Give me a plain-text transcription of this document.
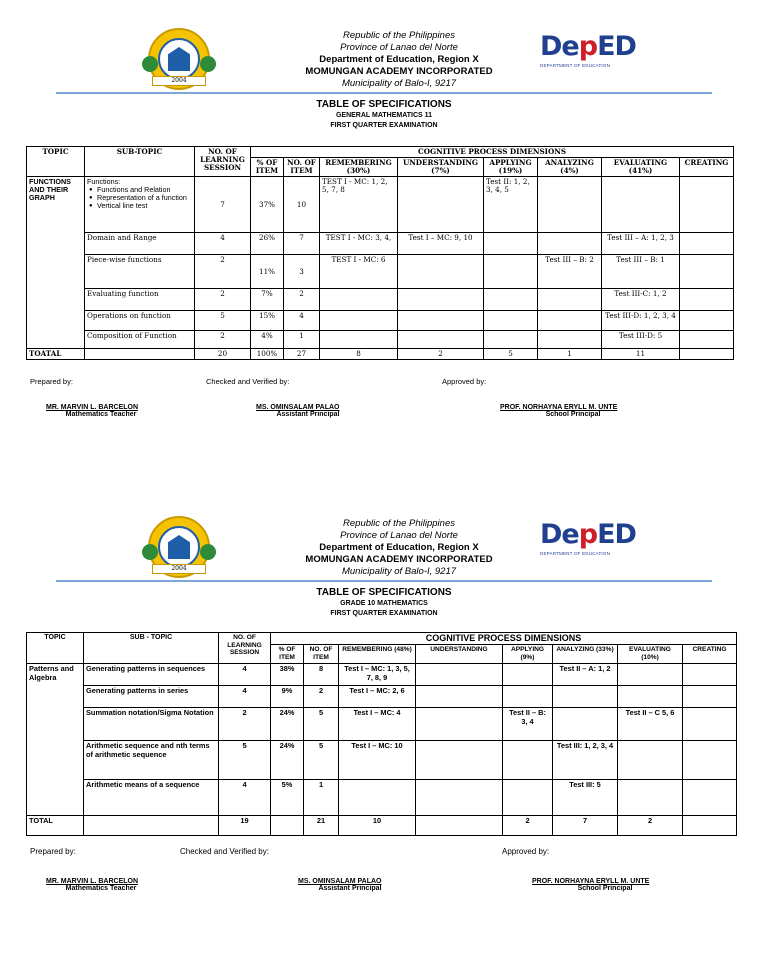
2004
Republic of the Philippines
Province of Lanao del Norte
Department of Education, Region X
MOMUNGAN ACADEMY INCORPORATED
Municipality of Balo-I, 9217
DepED
DEPARTMENT OF EDUCATION
TABLE OF SPECIFICATIONS
GENERAL MATHEMATICS 11
FIRST QUARTER EXAMINATION
TOPIC	SUB-TOPIC	NO. OF LEARNING SESSION	COGNITIVE PROCESS DIMENSIONS							
			% OF ITEM	NO. OF ITEM	REMEMBERING (30%)	UNDERSTANDING (7%)	APPLYING (19%)	ANALYZING (4%)	EVALUATING (41%)	CREATING
FUNCTIONS AND THEIR GRAPH	Functions:
● Functions and Relation
● Representation of a function
● Vertical line test	7	37%	10	TEST I - MC: 1, 2, 5, 7, 8		Test II: 1, 2, 3, 4, 5			
	Domain and Range	4	26%	7	TEST I - MC: 3, 4,	Test I – MC: 9, 10			Test III – A: 1, 2, 3	
	Piece-wise functions	2	11%	3	TEST I - MC: 6			Test III – B: 2	Test III – B: 1	
	Evaluating function	2	7%	2					Test III-C: 1, 2	
	Operations on function	5	15%	4					Test III-D: 1, 2, 3, 4	
	Composition of Function	2	4%	1					Test III-D: 5	
TOATAL		20	100%	27	8	2	5	1	11	
Prepared by:	Checked and Verified by:	Approved by:
MR. MARVIN L. BARCELON
Mathematics Teacher
MS. OMINSALAM PALAO
Assistant Principal
PROF. NORHAYNA ERYLL M. UNTE
School Principal
2004
Republic of the Philippines
Province of Lanao del Norte
Department of Education, Region X
MOMUNGAN ACADEMY INCORPORATED
Municipality of Balo-I, 9217
DepED
DEPARTMENT OF EDUCATION
TABLE OF SPECIFICATIONS
GRADE 10 MATHEMATICS
FIRST QUARTER EXAMINATION
TOPIC	SUB - TOPIC	NO. OF LEARNING SESSION	COGNITIVE PROCESS DIMENSIONS							
			% OF ITEM	NO. OF ITEM	REMEMBERING (48%)	UNDERSTANDING	APPLYING (9%)	ANALYZING (33%)	EVALUATING (10%)	CREATING
Patterns and Algebra	Generating patterns in sequences	4	38%	8	Test I – MC: 1, 3, 5, 7, 8, 9			Test II – A: 1, 2		
	Generating patterns in series	4	9%	2	Test I – MC: 2, 6					
	Summation notation/Sigma Notation	2	24%	5	Test I – MC: 4		Test II – B: 3, 4		Test II – C 5, 6	
	Arithmetic sequence and nth terms of arithmetic sequence	5	24%	5	Test I – MC: 10			Test III: 1, 2, 3, 4		
	Arithmetic means of a sequence	4	5%	1				Test III: 5		
TOTAL		19		21	10		2	7	2	
Prepared by:	Checked and Verified by:	Approved by:
MR. MARVIN L. BARCELON
Mathematics Teacher
MS. OMINSALAM PALAO
Assistant Principal
PROF. NORHAYNA ERYLL M. UNTE
School Principal
